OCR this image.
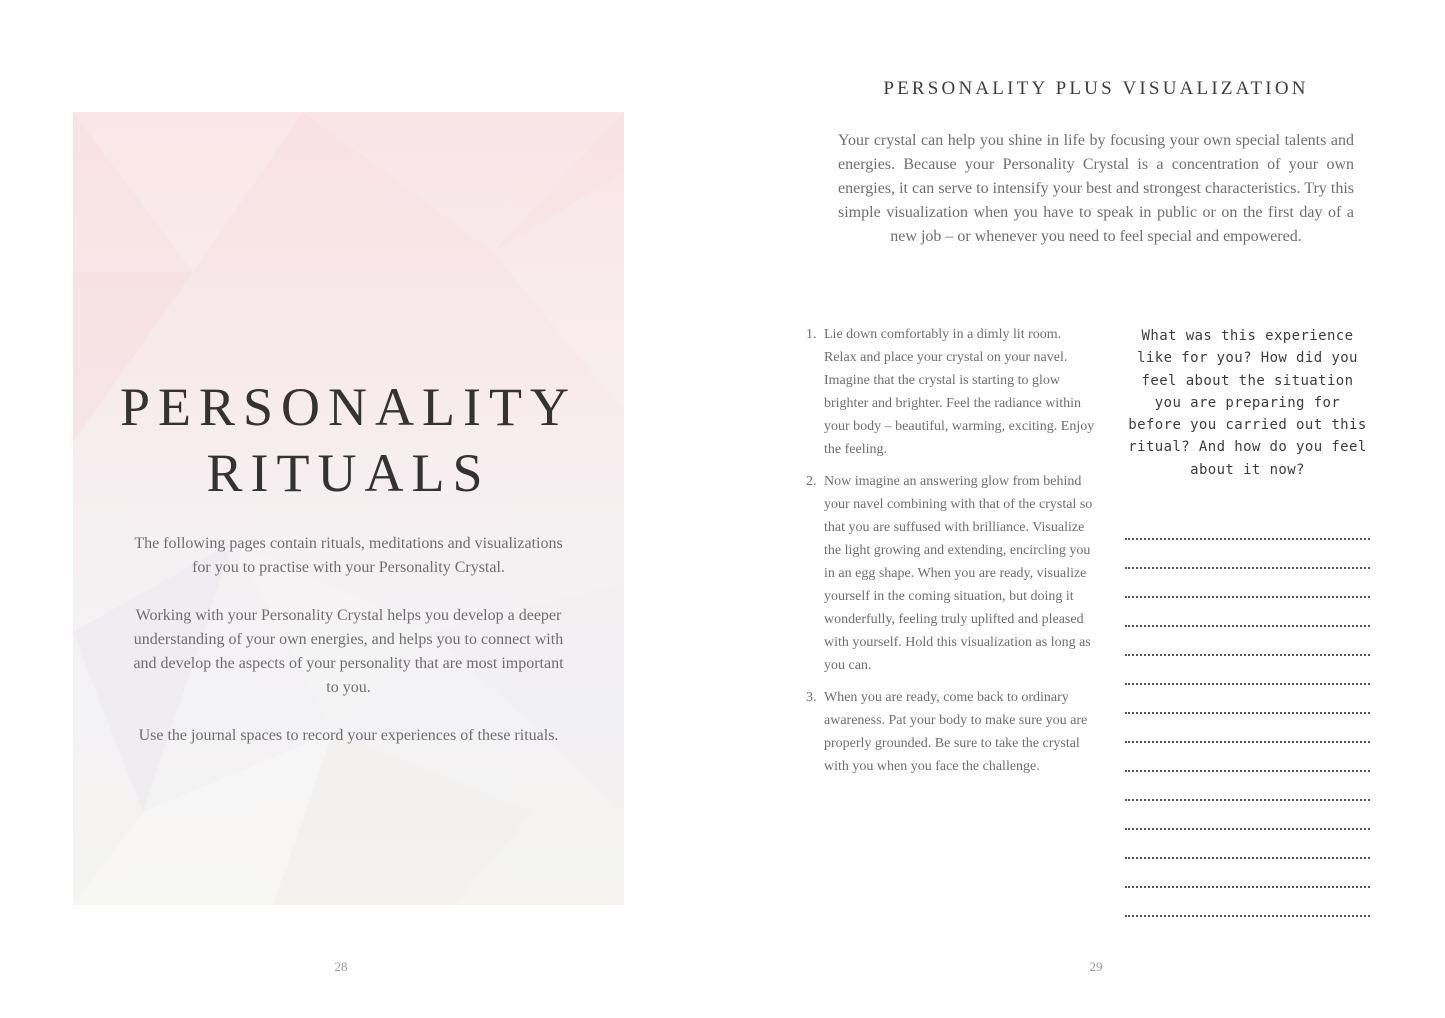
PERSONALITY
RITUALS

The following pages contain rituals, meditations and visualizations for you to practise with your Personality Crystal.

Working with your Personality Crystal helps you develop a deeper understanding of your own energies, and helps you to connect with and develop the aspects of your personality that are most important to you.

Use the journal spaces to record your experiences of these rituals.

28
PERSONALITY PLUS VISUALIZATION

Your crystal can help you shine in life by focusing your own special talents and energies. Because your Personality Crystal is a concentration of your own energies, it can serve to intensify your best and strongest characteristics. Try this simple visualization when you have to speak in public or on the first day of a new job – or whenever you need to feel special and empowered.

1. Lie down comfortably in a dimly lit room. Relax and place your crystal on your navel. Imagine that the crystal is starting to glow brighter and brighter. Feel the radiance within your body – beautiful, warming, exciting. Enjoy the feeling.
2. Now imagine an answering glow from behind your navel combining with that of the crystal so that you are suffused with brilliance. Visualize the light growing and extending, encircling you in an egg shape. When you are ready, visualize yourself in the coming situation, but doing it wonderfully, feeling truly uplifted and pleased with yourself. Hold this visualization as long as you can.
3. When you are ready, come back to ordinary awareness. Pat your body to make sure you are properly grounded. Be sure to take the crystal with you when you face the challenge.

What was this experience like for you? How did you feel about the situation you are preparing for before you carried out this ritual? And how do you feel about it now?

29
